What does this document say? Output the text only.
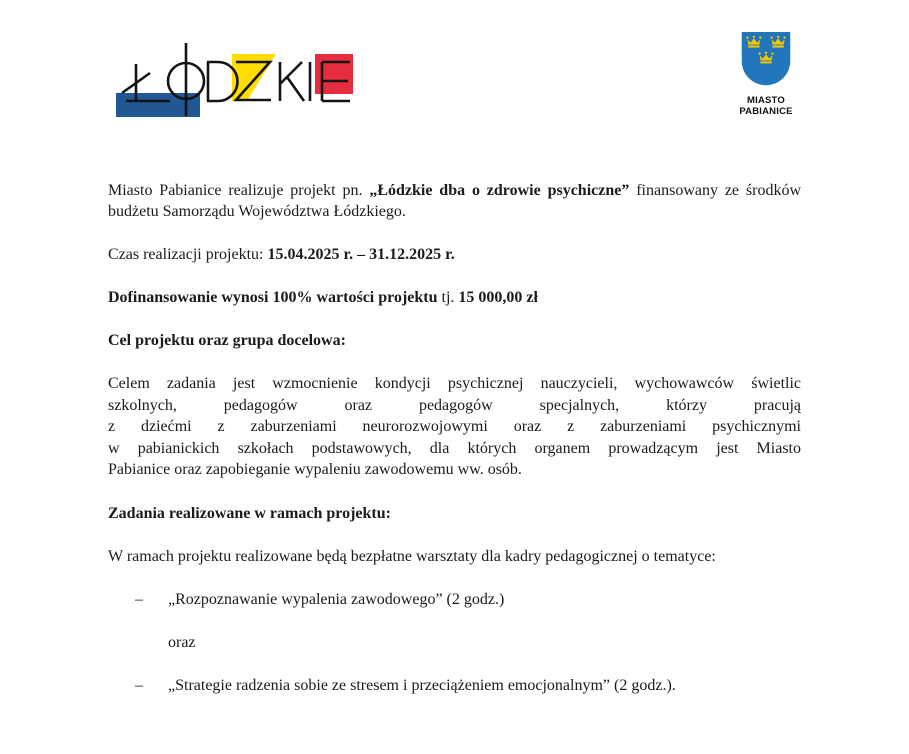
MIASTO
PABIANICE

Miasto Pabianice realizuje projekt pn. „Łódzkie dba o zdrowie psychiczne” finansowany ze środków budżetu Samorządu Województwa Łódzkiego.

Czas realizacji projektu: 15.04.2025 r. – 31.12.2025 r.

Dofinansowanie wynosi 100% wartości projektu tj. 15 000,00 zł

Cel projektu oraz grupa docelowa:

Celem zadania jest wzmocnienie kondycji psychicznej nauczycieli, wychowawców świetlic
szkolnych, pedagogów oraz pedagogów specjalnych, którzy pracują
z dziećmi z zaburzeniami neurorozwojowymi oraz z zaburzeniami psychicznymi
w pabianickich szkołach podstawowych, dla których organem prowadzącym jest Miasto
Pabianice oraz zapobieganie wypaleniu zawodowemu ww. osób.

Zadania realizowane w ramach projektu:

W ramach projektu realizowane będą bezpłatne warsztaty dla kadry pedagogicznej o tematyce:

–	„Rozpoznawanie wypalenia zawodowego” (2 godz.)
oraz
–	„Strategie radzenia sobie ze stresem i przeciążeniem emocjonalnym” (2 godz.).
